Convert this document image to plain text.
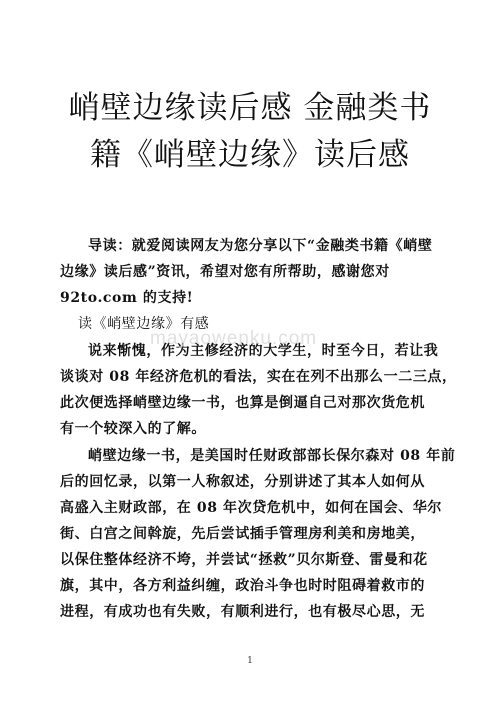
峭壁边缘读后感 金融类书
籍《峭壁边缘》读后感
导读：就爱阅读网友为您分享以下“金融类书籍《峭壁
边缘》读后感”资讯，希望对您有所帮助，感谢您对
92to.com 的支持!
读《峭壁边缘》有感
说来惭愧，作为主修经济的大学生，时至今日，若让我
谈谈对 08 年经济危机的看法，实在在列不出那么一二三点，
此次便选择峭壁边缘一书，也算是倒逼自己对那次货危机
有一个较深入的了解。
峭壁边缘一书，是美国时任财政部部长保尔森对 08 年前
后的回忆录，以第一人称叙述，分别讲述了其本人如何从
高盛入主财政部，在 08 年次贷危机中，如何在国会、华尔
街、白宫之间斡旋，先后尝试插手管理房利美和房地美，
以保住整体经济不垮，并尝试“拯救”贝尔斯登、雷曼和花
旗，其中，各方利益纠缠，政治斗争也时时阻碍着救市的
进程，有成功也有失败，有顺利进行，也有极尽心思，无
mayaowenku.com
1
